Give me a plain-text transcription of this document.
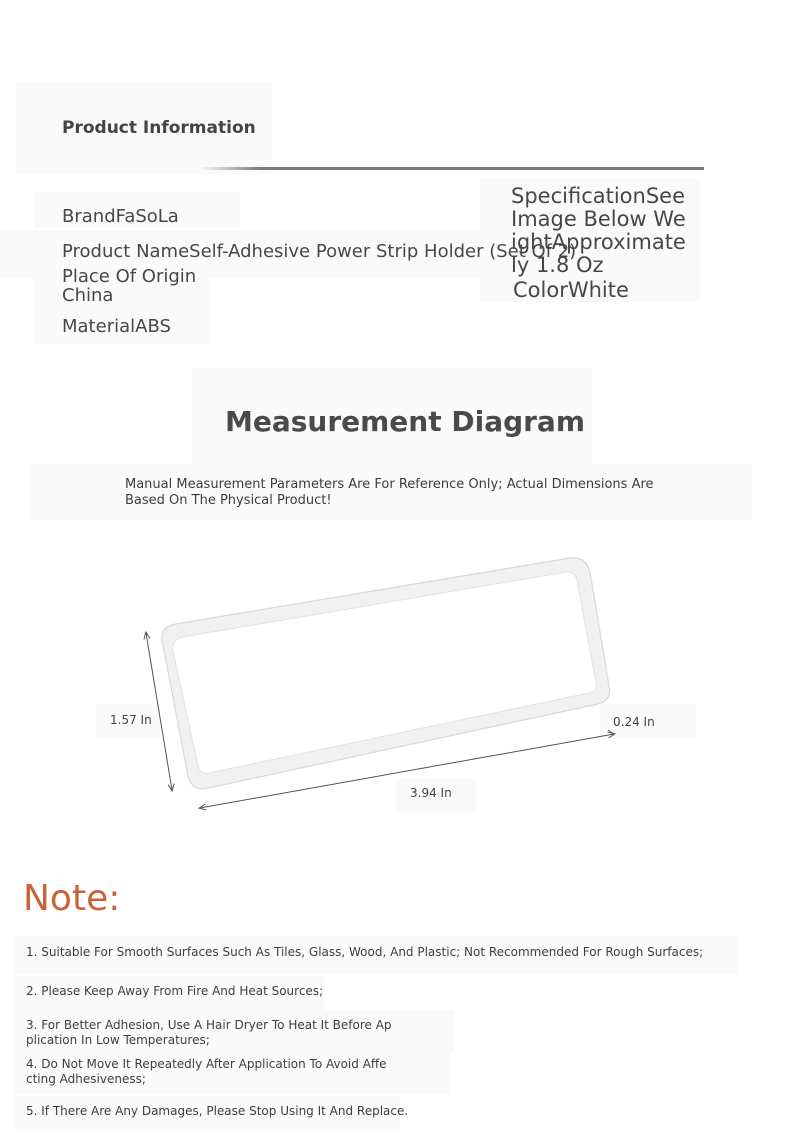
Product Information
BrandFaSoLa
Product NameSelf-Adhesive Power Strip Holder (Set Of 2)
Place Of OriginChina
MaterialABS
SpecificationSee Image Below WeightApproximately 1.8 Oz
ColorWhite
Measurement Diagram
Manual Measurement Parameters Are For Reference Only; Actual Dimensions Are Based On The Physical Product!
1.57 In	0.24 In
3.94 In
Note:
1. Suitable For Smooth Surfaces Such As Tiles, Glass, Wood, And Plastic; Not Recommended For Rough Surfaces;
2. Please Keep Away From Fire And Heat Sources;
3. For Better Adhesion, Use A Hair Dryer To Heat It Before Application In Low Temperatures;
4. Do Not Move It Repeatedly After Application To Avoid Affecting Adhesiveness;
5. If There Are Any Damages, Please Stop Using It And Replace.
